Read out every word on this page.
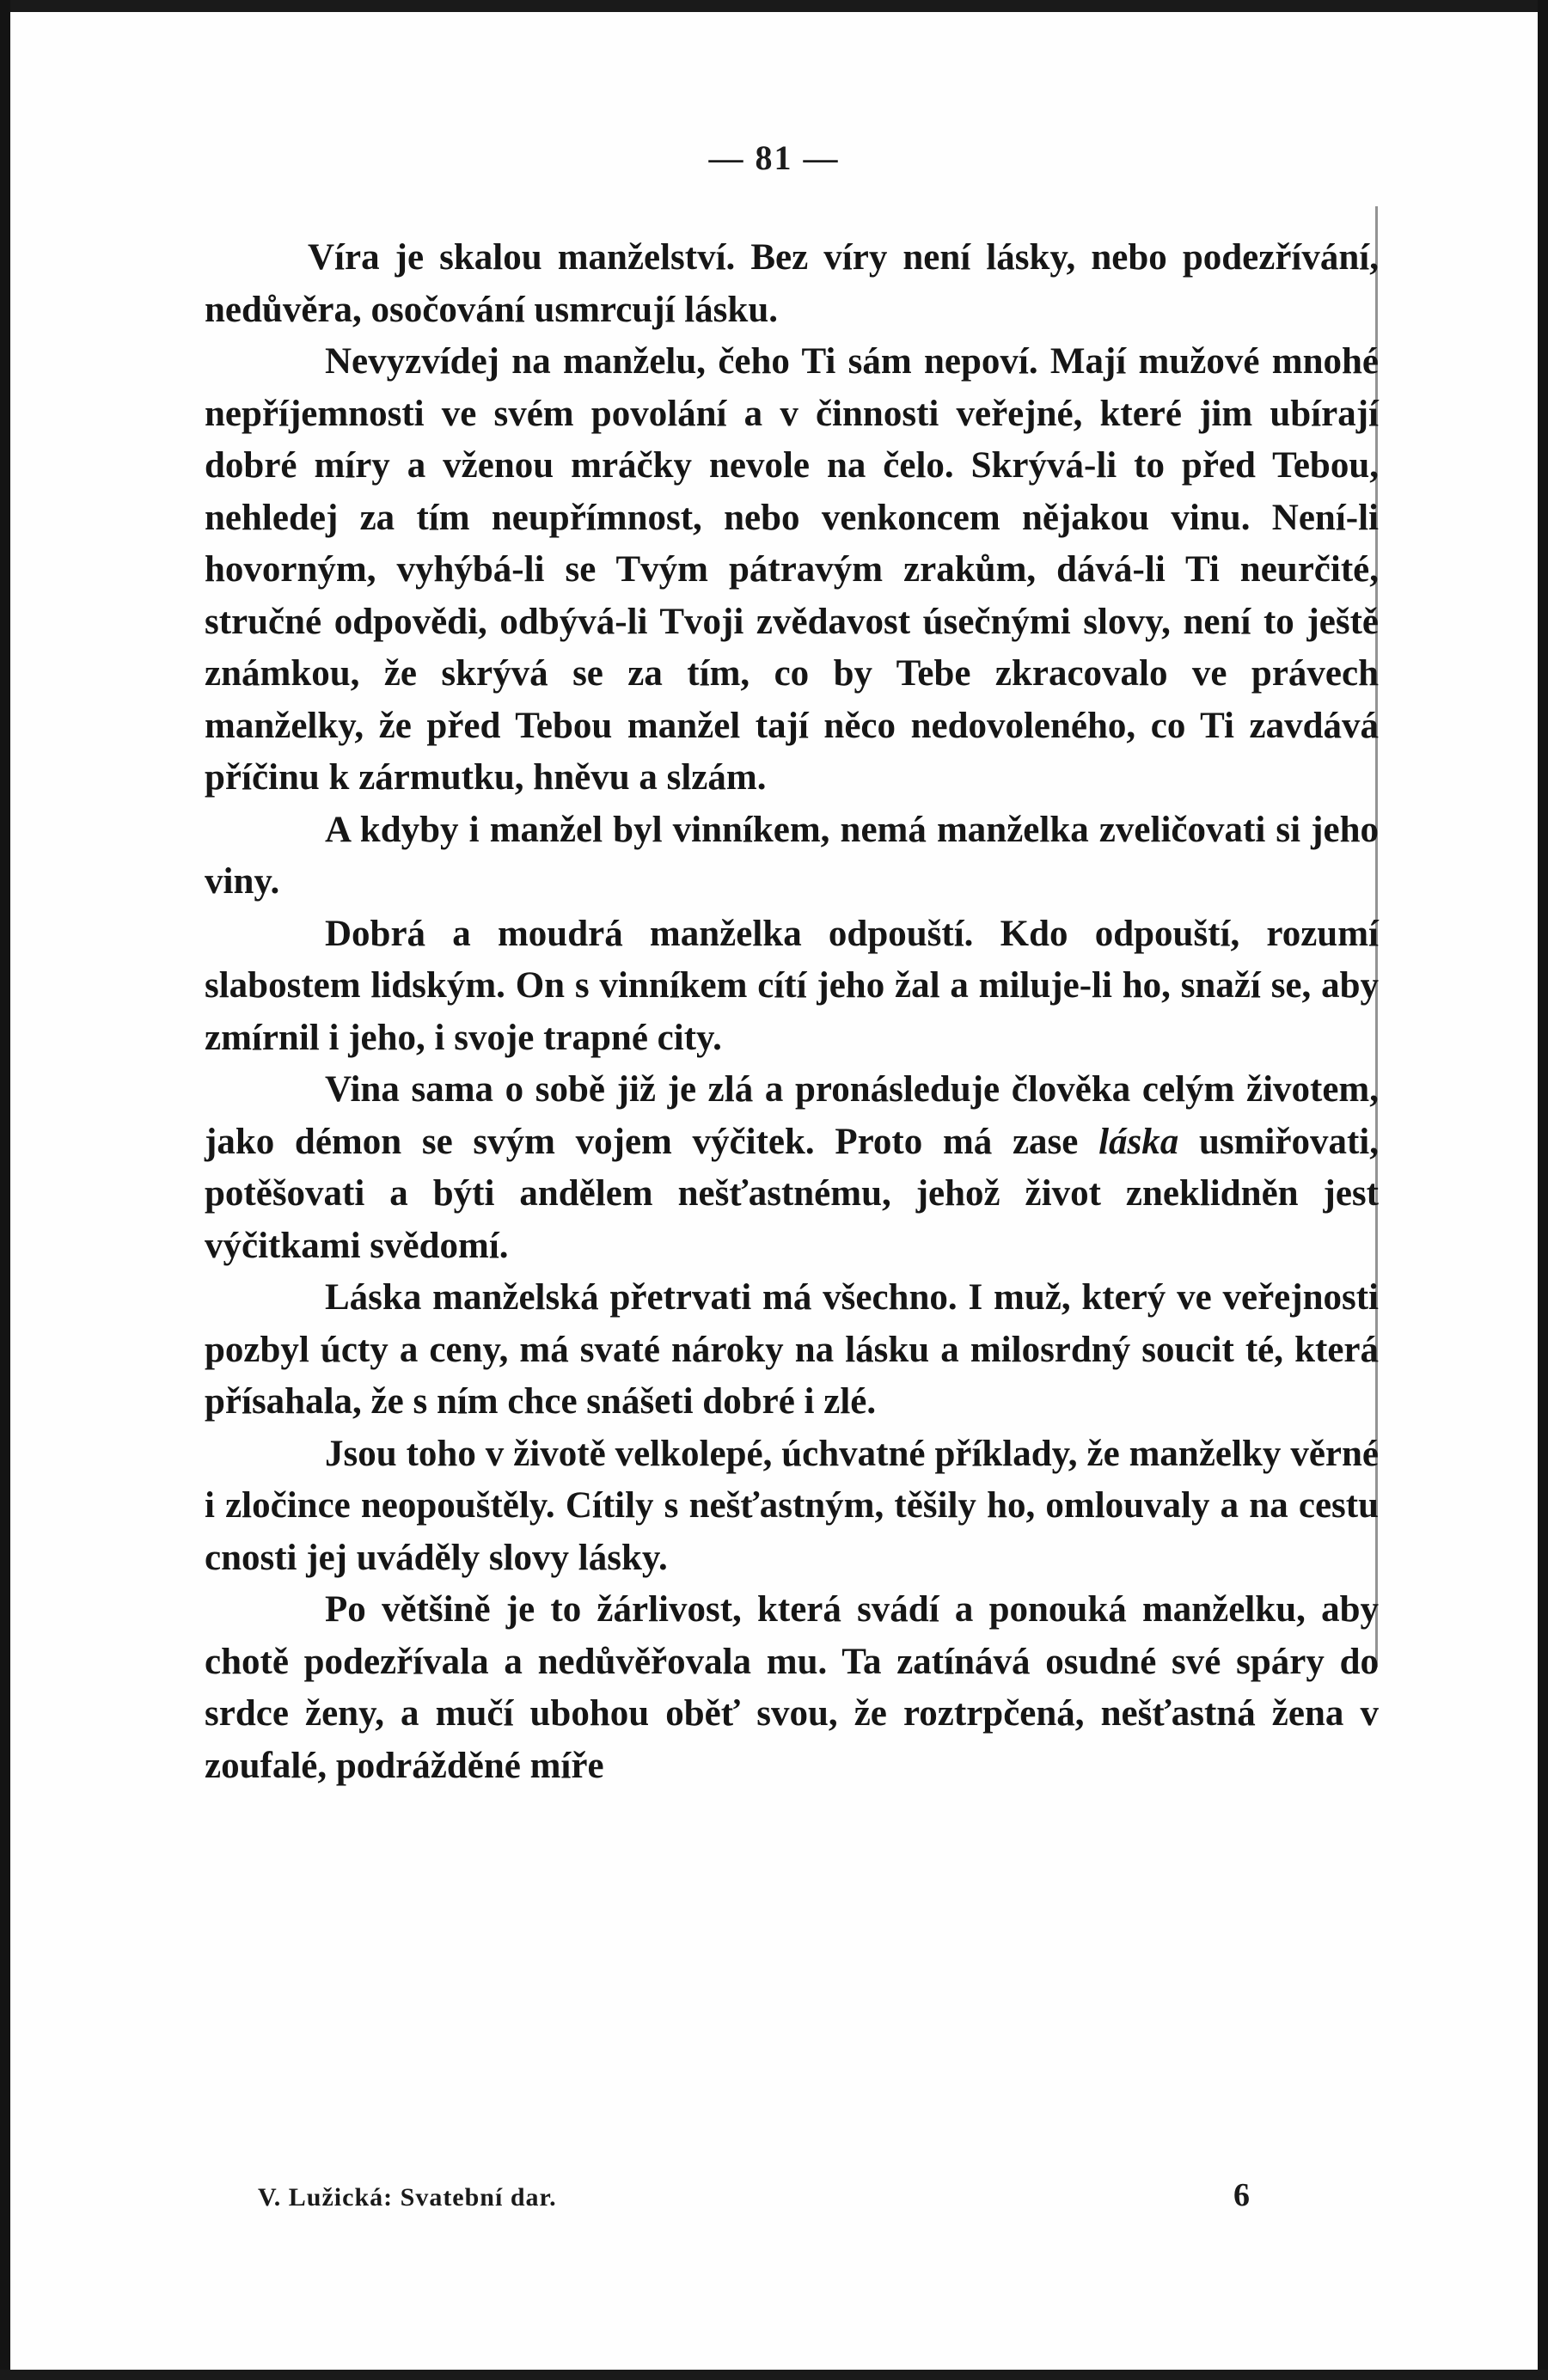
— 81 —

Víra je skalou manželství. Bez víry není lásky, nebo podezřívání, nedůvěra, osočování usmrcují lásku.

Nevyzvídej na manželu, čeho Ti sám nepoví. Mají mužové mnohé nepříjemnosti ve svém povolání a v činnosti veřejné, které jim ubírají dobré míry a vženou mráčky nevole na čelo. Skrývá-li to před Tebou, nehledej za tím neupřímnost, nebo venkoncem nějakou vinu. Není-li hovorným, vyhýbá-li se Tvým pátravým zrakům, dává-li Ti neurčité, stručné odpovědi, odbývá-li Tvoji zvědavost úsečnými slovy, není to ještě známkou, že skrývá se za tím, co by Tebe zkracovalo ve právech manželky, že před Tebou manžel tají něco nedovoleného, co Ti zavdává příčinu k zármutku, hněvu a slzám.

A kdyby i manžel byl vinníkem, nemá manželka zveličovati si jeho viny.

Dobrá a moudrá manželka odpouští. Kdo odpouští, rozumí slabostem lidským. On s vinníkem cítí jeho žal a miluje-li ho, snaží se, aby zmírnil i jeho, i svoje trapné city.

Vina sama o sobě již je zlá a pronásleduje člověka celým životem, jako démon se svým vojem výčitek. Proto má zase láska usmiřovati, potěšovati a býti andělem nešťastnému, jehož život zneklidněn jest výčitkami svědomí.

Láska manželská přetrvati má všechno. I muž, který ve veřejnosti pozbyl úcty a ceny, má svaté nároky na lásku a milosrdný soucit té, která přísahala, že s ním chce snášeti dobré i zlé.

Jsou toho v životě velkolepé, úchvatné příklady, že manželky věrné i zločince neopouštěly. Cítily s nešťastným, těšily ho, omlouvaly a na cestu cnosti jej uváděly slovy lásky.

Po většině je to žárlivost, která svádí a ponouká manželku, aby chotě podezřívala a nedůvěřovala mu. Ta zatínává osudné své spáry do srdce ženy, a mučí ubohou oběť svou, že roztrpčená, nešťastná žena v zoufalé, podrážděné míře

V. Lužická: Svatební dar.	6
